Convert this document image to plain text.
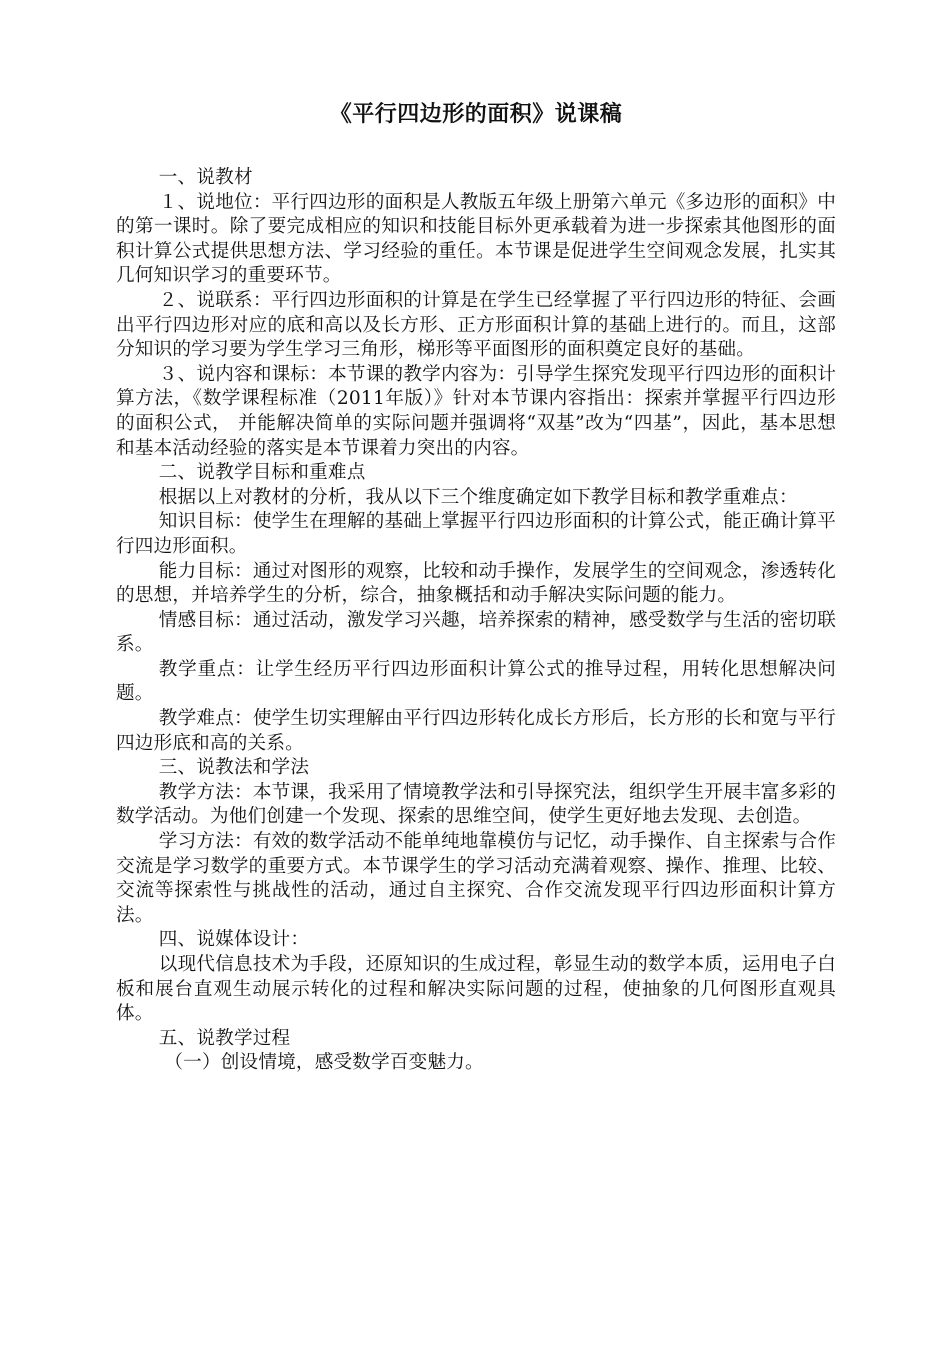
《平行四边形的面积》说课稿

一、说教材

１、说地位：平行四边形的面积是人教版五年级上册第六单元《多边形的面积》中的第一课时。除了要完成相应的知识和技能目标外更承载着为进一步探索其他图形的面积计算公式提供思想方法、学习经验的重任。本节课是促进学生空间观念发展，扎实其几何知识学习的重要环节。

２、说联系：平行四边形面积的计算是在学生已经掌握了平行四边形的特征、会画出平行四边形对应的底和高以及长方形、正方形面积计算的基础上进行的。而且，这部分知识的学习要为学生学习三角形，梯形等平面图形的面积奠定良好的基础。

３、说内容和课标：本节课的教学内容为：引导学生探究发现平行四边形的面积计算方法，《数学课程标准（2011年版）》针对本节课内容指出：探索并掌握平行四边形的面积公式， 并能解决简单的实际问题并强调将“双基”改为“四基”，因此，基本思想和基本活动经验的落实是本节课着力突出的内容。

二、说教学目标和重难点

根据以上对教材的分析，我从以下三个维度确定如下教学目标和教学重难点：

知识目标：使学生在理解的基础上掌握平行四边形面积的计算公式，能正确计算平行四边形面积。

能力目标：通过对图形的观察，比较和动手操作，发展学生的空间观念，渗透转化的思想，并培养学生的分析，综合，抽象概括和动手解决实际问题的能力。

情感目标：通过活动，激发学习兴趣，培养探索的精神，感受数学与生活的密切联系。

教学重点：让学生经历平行四边形面积计算公式的推导过程，用转化思想解决问题。

教学难点：使学生切实理解由平行四边形转化成长方形后，长方形的长和宽与平行四边形底和高的关系。

三、说教法和学法

教学方法：本节课，我采用了情境教学法和引导探究法，组织学生开展丰富多彩的数学活动。为他们创建一个发现、探索的思维空间，使学生更好地去发现、去创造。

学习方法：有效的数学活动不能单纯地靠模仿与记忆，动手操作、自主探索与合作交流是学习数学的重要方式。本节课学生的学习活动充满着观察、操作、推理、比较、交流等探索性与挑战性的活动，通过自主探究、合作交流发现平行四边形面积计算方法。

四、说媒体设计：

以现代信息技术为手段，还原知识的生成过程，彰显生动的数学本质，运用电子白板和展台直观生动展示转化的过程和解决实际问题的过程，使抽象的几何图形直观具体。

五、说教学过程

（一）创设情境，感受数学百变魅力。
